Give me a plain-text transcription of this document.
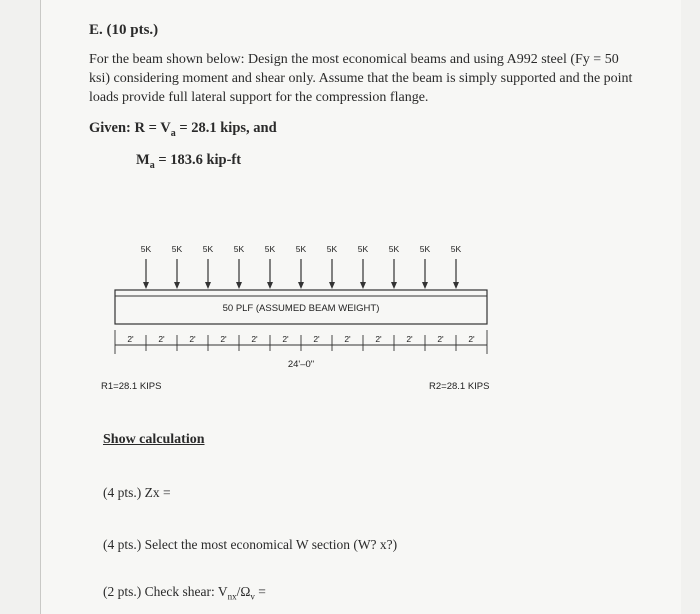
E. (10 pts.)
For the beam shown below: Design the most economical beams and using A992 steel (Fy = 50
ksi) considering moment and shear only. Assume that the beam is simply supported and the point
loads provide full lateral support for the compression flange.
Given: $R = V_a = 28.1$ kips, and
$M_a = 183.6$ kip-ft
5K 5K 5K 5K 5K 5K 5K 5K 5K 5K 5K
50 PLF (ASSUMED BEAM WEIGHT)
2'	2'	2'	2'	2'	2'	2'	2'	2'	2'	2'	2'
24'–0"
R1=28.1 KIPS	R2=28.1 KIPS
Show calculation
(4 pts.) Zx =
(4 pts.) Select the most economical W section (W? x?)
(2 pts.) Check shear: $V_{nx}/\Omega_v$ =
